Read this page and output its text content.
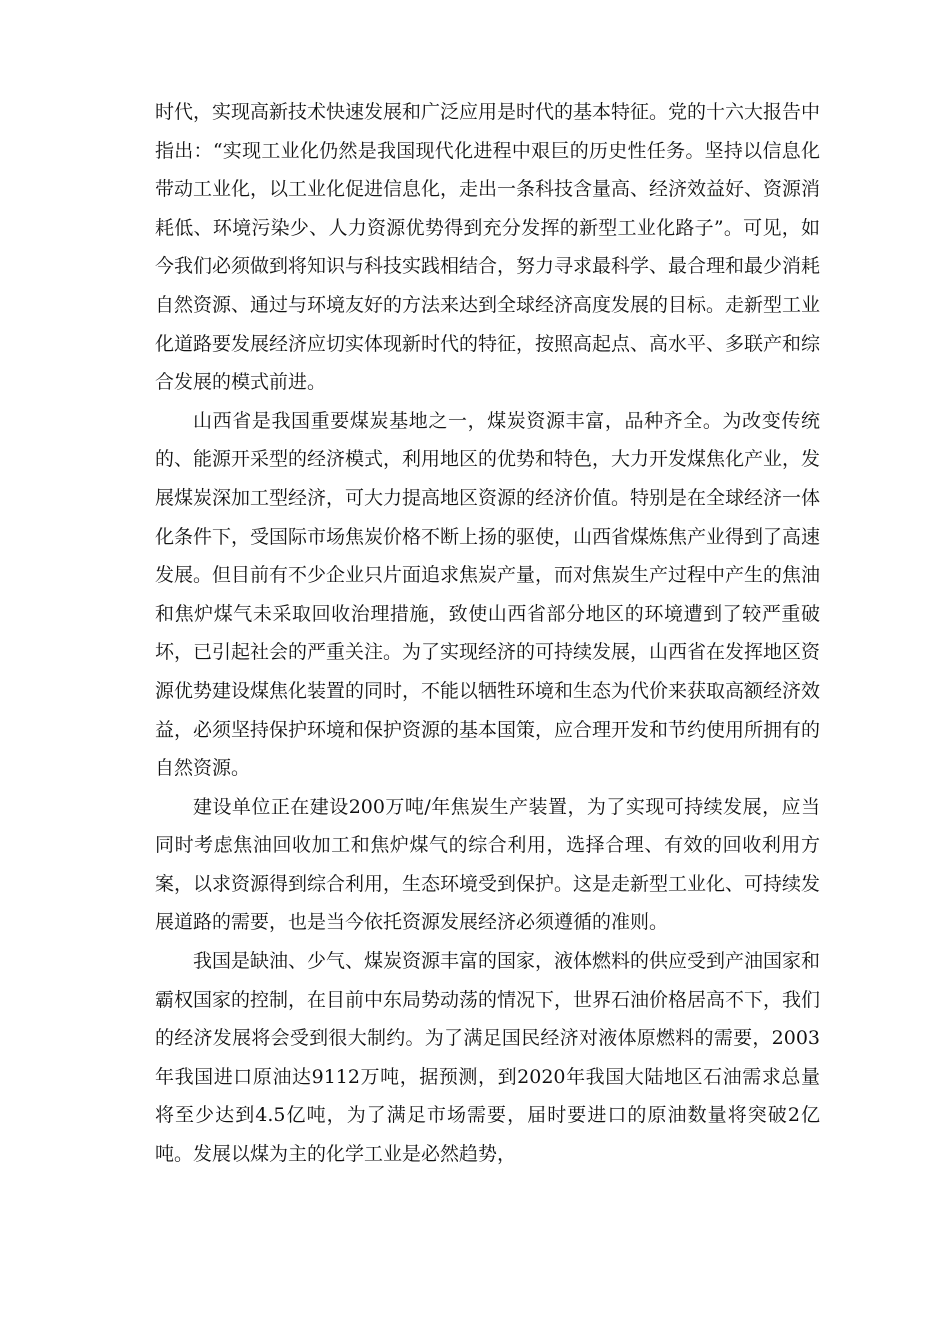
时代，实现高新技术快速发展和广泛应用是时代的基本特征。党的十六大报告中指出：“实现工业化仍然是我国现代化进程中艰巨的历史性任务。坚持以信息化带动工业化，以工业化促进信息化，走出一条科技含量高、经济效益好、资源消耗低、环境污染少、人力资源优势得到充分发挥的新型工业化路子”。可见，如今我们必须做到将知识与科技实践相结合，努力寻求最科学、最合理和最少消耗自然资源、通过与环境友好的方法来达到全球经济高度发展的目标。走新型工业化道路要发展经济应切实体现新时代的特征，按照高起点、高水平、多联产和综合发展的模式前进。

山西省是我国重要煤炭基地之一，煤炭资源丰富，品种齐全。为改变传统的、能源开采型的经济模式，利用地区的优势和特色，大力开发煤焦化产业，发展煤炭深加工型经济，可大力提高地区资源的经济价值。特别是在全球经济一体化条件下，受国际市场焦炭价格不断上扬的驱使，山西省煤炼焦产业得到了高速发展。但目前有不少企业只片面追求焦炭产量，而对焦炭生产过程中产生的焦油和焦炉煤气未采取回收治理措施，致使山西省部分地区的环境遭到了较严重破坏，已引起社会的严重关注。为了实现经济的可持续发展，山西省在发挥地区资源优势建设煤焦化装置的同时，不能以牺牲环境和生态为代价来获取高额经济效益，必须坚持保护环境和保护资源的基本国策，应合理开发和节约使用所拥有的自然资源。

建设单位正在建设200万吨/年焦炭生产装置，为了实现可持续发展，应当同时考虑焦油回收加工和焦炉煤气的综合利用，选择合理、有效的回收利用方案，以求资源得到综合利用，生态环境受到保护。这是走新型工业化、可持续发展道路的需要，也是当今依托资源发展经济必须遵循的准则。

我国是缺油、少气、煤炭资源丰富的国家，液体燃料的供应受到产油国家和霸权国家的控制，在目前中东局势动荡的情况下，世界石油价格居高不下，我们的经济发展将会受到很大制约。为了满足国民经济对液体原燃料的需要，2003年我国进口原油达9112万吨，据预测，到2020年我国大陆地区石油需求总量将至少达到4.5亿吨，为了满足市场需要，届时要进口的原油数量将突破2亿吨。发展以煤为主的化学工业是必然趋势，
